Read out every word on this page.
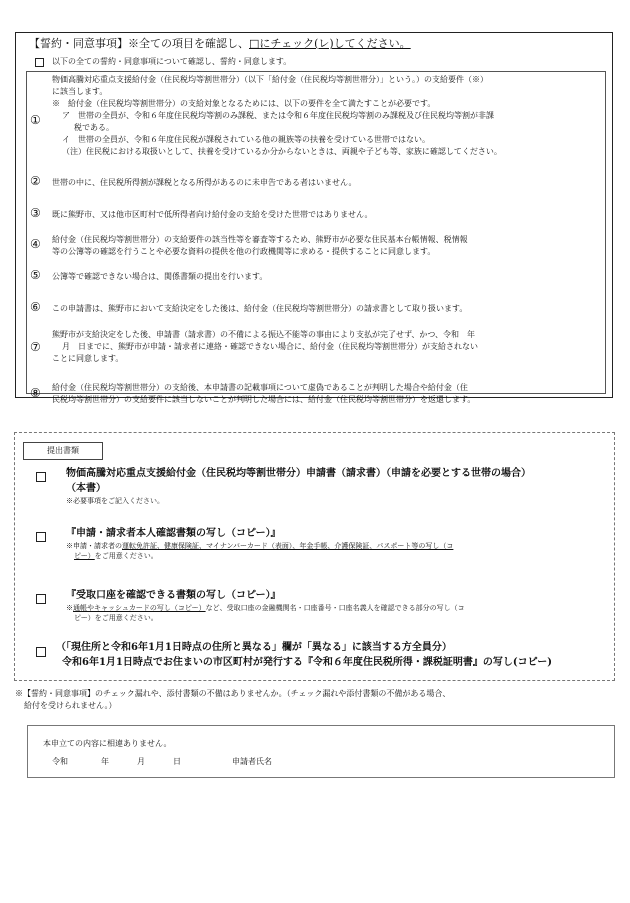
【誓約・同意事項】※全ての項目を確認し、□にチェック(レ)してください。
以下の全ての誓約・同意事項について確認し、誓約・同意します。
①
物価高騰対応重点支援給付金（住民税均等割世帯分）（以下「給付金（住民税均等割世帯分）」という。）の支給要件（※）
に該当します。
※　給付金（住民税均等割世帯分）の支給対象となるためには、以下の要件を全て満たすことが必要です。
ア　世帯の全員が、令和６年度住民税均等割のみ課税、または令和６年度住民税均等割のみ課税及び住民税均等割が非課
税である。
イ　世帯の全員が、令和６年度住民税が課税されている他の親族等の扶養を受けている世帯ではない。
（注）住民税における取扱いとして、扶養を受けているか分からないときは、両親や子ども等、家族に確認してください。
② 世帯の中に、住民税所得割が課税となる所得があるのに未申告である者はいません。
③ 既に熊野市、又は他市区町村で低所得者向け給付金の支給を受けた世帯ではありません。
④ 給付金（住民税均等割世帯分）の支給要件の該当性等を審査等するため、熊野市が必要な住民基本台帳情報、税情報
等の公簿等の確認を行うことや必要な資料の提供を他の行政機関等に求める・提供することに同意します。
⑤ 公簿等で確認できない場合は、関係書類の提出を行います。
⑥ この申請書は、熊野市において支給決定をした後は、給付金（住民税均等割世帯分）の請求書として取り扱います。
⑦
熊野市が支給決定をした後、申請書（請求書）の不備による振込不能等の事由により支払が完了せず、かつ、令和　年
月　日までに、熊野市が申請・請求者に連絡・確認できない場合に、給付金（住民税均等割世帯分）が支給されない
ことに同意します。
⑧ 給付金（住民税均等割世帯分）の支給後、本申請書の記載事項について虚偽であることが判明した場合や給付金（住
民税均等割世帯分）の支給要件に該当しないことが判明した場合には、給付金（住民税均等割世帯分）を返還します。
提出書類
物価高騰対応重点支援給付金（住民税均等割世帯分）申請書（請求書）（申請を必要とする世帯の場合）
（本書）
※必要事項をご記入ください。
『申請・請求者本人確認書類の写し（コピー）』
※申請・請求者の運転免許証、健康保険証、マイナンバーカード（表面）、年金手帳、介護保険証、パスポート等の写し（コ
ピー）をご用意ください。
『受取口座を確認できる書類の写し（コピー）』
※通帳やキャッシュカードの写し（コピー）など、受取口座の金融機関名・口座番号・口座名義人を確認できる部分の写し（コ
ピー）をご用意ください。
（「現住所と令和6年1月1日時点の住所と異なる」欄が「異なる」に該当する方全員分）
令和6年1月1日時点でお住まいの市区町村が発行する『令和６年度住民税所得・課税証明書』の写し(コピー)
※【誓約・同意事項】のチェック漏れや、添付書類の不備はありませんか。（チェック漏れや添付書類の不備がある場合、
給付を受けられません。）
本申立ての内容に相違ありません。
令和	年	月	日	申請者氏名
